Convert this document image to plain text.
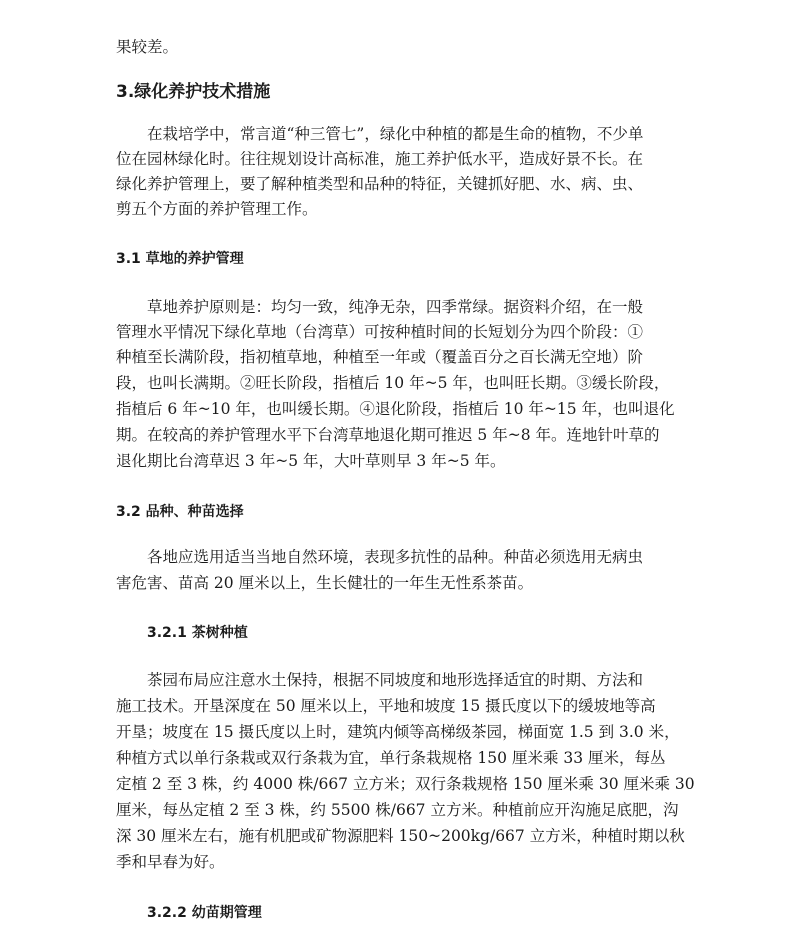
果较差。
3.绿化养护技术措施
在栽培学中，常言道“种三管七”，绿化中种植的都是生命的植物，不少单
位在园林绿化时。往往规划设计高标准，施工养护低水平，造成好景不长。在
绿化养护管理上，要了解种植类型和品种的特征，关键抓好肥、水、病、虫、
剪五个方面的养护管理工作。
3.1 草地的养护管理
草地养护原则是：均匀一致，纯净无杂，四季常绿。据资料介绍，在一般
管理水平情况下绿化草地（台湾草）可按种植时间的长短划分为四个阶段：①
种植至长满阶段，指初植草地，种植至一年或（覆盖百分之百长满无空地）阶
段，也叫长满期。②旺长阶段，指植后 10 年~5 年，也叫旺长期。③缓长阶段，
指植后 6 年~10 年，也叫缓长期。④退化阶段，指植后 10 年~15 年，也叫退化
期。在较高的养护管理水平下台湾草地退化期可推迟 5 年~8 年。连地针叶草的
退化期比台湾草迟 3 年~5 年，大叶草则早 3 年~5 年。
3.2 品种、种苗选择
各地应选用适当当地自然环境，表现多抗性的品种。种苗必须选用无病虫
害危害、苗高 20 厘米以上，生长健壮的一年生无性系茶苗。
3.2.1 茶树种植
茶园布局应注意水土保持，根据不同坡度和地形选择适宜的时期、方法和
施工技术。开垦深度在 50 厘米以上，平地和坡度 15 摄氏度以下的缓坡地等高
开垦；坡度在 15 摄氏度以上时，建筑内倾等高梯级茶园，梯面宽 1.5 到 3.0 米，
种植方式以单行条栽或双行条栽为宜，单行条栽规格 150 厘米乘 33 厘米，每丛
定植 2 至 3 株，约 4000 株/667 立方米；双行条栽规格 150 厘米乘 30 厘米乘 30
厘米，每丛定植 2 至 3 株，约 5500 株/667 立方米。种植前应开沟施足底肥，沟
深 30 厘米左右，施有机肥或矿物源肥料 150~200kg/667 立方米，种植时期以秋
季和早春为好。
3.2.2 幼苗期管理
